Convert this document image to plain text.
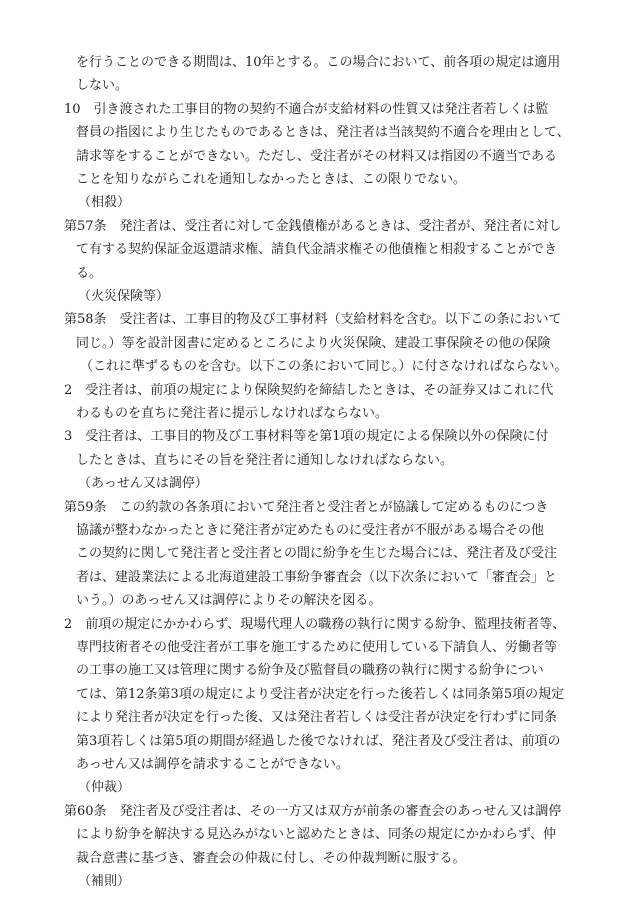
を行うことのできる期間は、10年とする。この場合において、前各項の規定は適用
しない。
10　引き渡された工事目的物の契約不適合が支給材料の性質又は発注者若しくは監
督員の指図により生じたものであるときは、発注者は当該契約不適合を理由として、
請求等をすることができない。ただし、受注者がその材料又は指図の不適当である
ことを知りながらこれを通知しなかったときは、この限りでない。
（相殺）
第57条　発注者は、受注者に対して金銭債権があるときは、受注者が、発注者に対し
て有する契約保証金返還請求権、請負代金請求権その他債権と相殺することができ
る。
（火災保険等）
第58条　受注者は、工事目的物及び工事材料（支給材料を含む。以下この条において
同じ。）等を設計図書に定めるところにより火災保険、建設工事保険その他の保険
（これに準ずるものを含む。以下この条において同じ。）に付さなければならない。
2　受注者は、前項の規定により保険契約を締結したときは、その証券又はこれに代
わるものを直ちに発注者に提示しなければならない。
3　受注者は、工事目的物及び工事材料等を第1項の規定による保険以外の保険に付
したときは、直ちにその旨を発注者に通知しなければならない。
（あっせん又は調停）
第59条　この約款の各条項において発注者と受注者とが協議して定めるものにつき
協議が整わなかったときに発注者が定めたものに受注者が不服がある場合その他
この契約に関して発注者と受注者との間に紛争を生じた場合には、発注者及び受注
者は、建設業法による北海道建設工事紛争審査会（以下次条において「審査会」と
いう。）のあっせん又は調停によりその解決を図る。
2　前項の規定にかかわらず、現場代理人の職務の執行に関する紛争、監理技術者等、
専門技術者その他受注者が工事を施工するために使用している下請負人、労働者等
の工事の施工又は管理に関する紛争及び監督員の職務の執行に関する紛争につい
ては、第12条第3項の規定により受注者が決定を行った後若しくは同条第5項の規定
により発注者が決定を行った後、又は発注者若しくは受注者が決定を行わずに同条
第3項若しくは第5項の期間が経過した後でなければ、発注者及び受注者は、前項の
あっせん又は調停を請求することができない。
（仲裁）
第60条　発注者及び受注者は、その一方又は双方が前条の審査会のあっせん又は調停
により紛争を解決する見込みがないと認めたときは、同条の規定にかかわらず、仲
裁合意書に基づき、審査会の仲裁に付し、その仲裁判断に服する。
（補則）
